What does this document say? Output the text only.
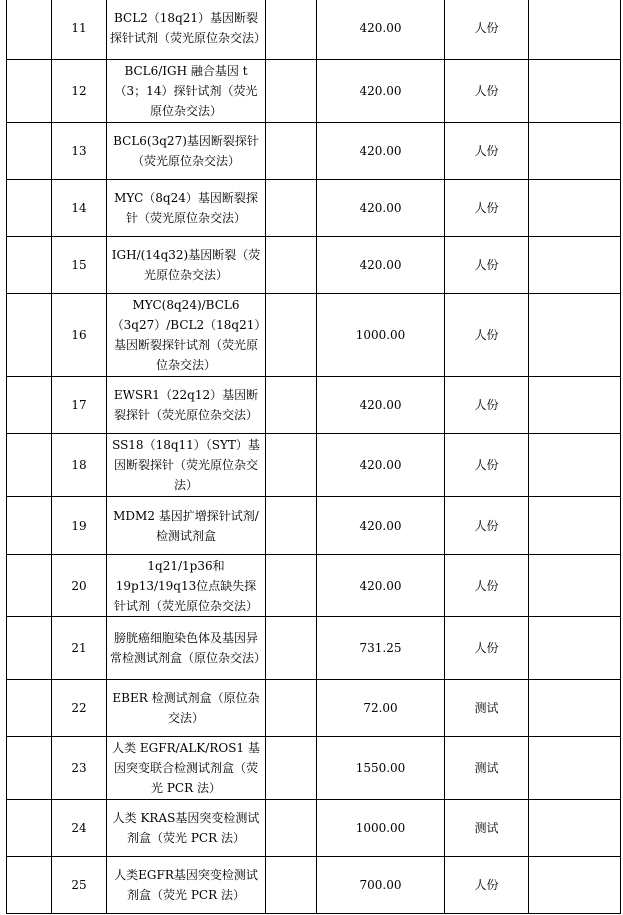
	11	BCL2（18q21）基因断裂探针试剂（荧光原位杂交法）		420.00	人份	
	12	BCL6/IGH 融合基因 t（3；14）探针试剂（荧光原位杂交法）		420.00	人份	
	13	BCL6(3q27)基因断裂探针（荧光原位杂交法）		420.00	人份	
	14	MYC（8q24）基因断裂探针（荧光原位杂交法）		420.00	人份	
	15	IGH/(14q32)基因断裂（荧光原位杂交法）		420.00	人份	
	16	MYC(8q24)/BCL6（3q27）/BCL2（18q21）基因断裂探针试剂（荧光原位杂交法）		1000.00	人份	
	17	EWSR1（22q12）基因断裂探针（荧光原位杂交法）		420.00	人份	
	18	SS18（18q11）（SYT）基因断裂探针（荧光原位杂交法）		420.00	人份	
	19	MDM2 基因扩增探针试剂/检测试剂盒		420.00	人份	
	20	1q21/1p36和19p13/19q13位点缺失探针试剂（荧光原位杂交法）		420.00	人份	
	21	膀胱癌细胞染色体及基因异常检测试剂盒（原位杂交法）		731.25	人份	
	22	EBER 检测试剂盒（原位杂交法）		72.00	测试	
	23	人类 EGFR/ALK/ROS1 基因突变联合检测试剂盒（荧光 PCR 法）		1550.00	测试	
	24	人类 KRAS基因突变检测试剂盒（荧光 PCR 法）		1000.00	测试	
	25	人类EGFR基因突变检测试剂盒（荧光 PCR 法）		700.00	人份	
